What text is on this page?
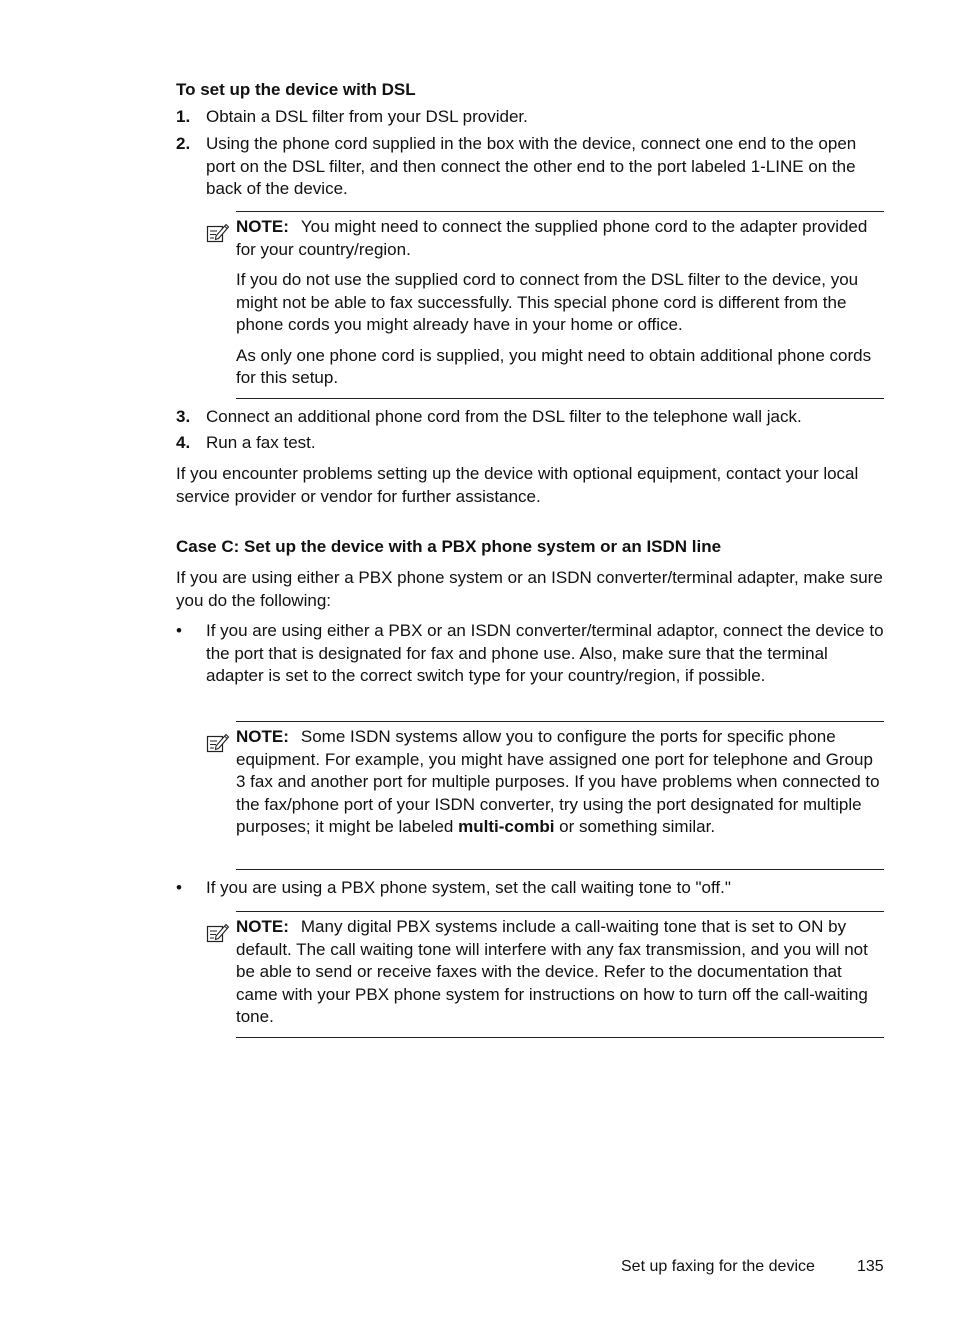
To set up the device with DSL
1. Obtain a DSL filter from your DSL provider.
2. Using the phone cord supplied in the box with the device, connect one end to the open port on the DSL filter, and then connect the other end to the port labeled 1-LINE on the back of the device.

NOTE: You might need to connect the supplied phone cord to the adapter provided for your country/region.

If you do not use the supplied cord to connect from the DSL filter to the device, you might not be able to fax successfully. This special phone cord is different from the phone cords you might already have in your home or office.

As only one phone cord is supplied, you might need to obtain additional phone cords for this setup.

3. Connect an additional phone cord from the DSL filter to the telephone wall jack.
4. Run a fax test.

If you encounter problems setting up the device with optional equipment, contact your local service provider or vendor for further assistance.

Case C: Set up the device with a PBX phone system or an ISDN line

If you are using either a PBX phone system or an ISDN converter/terminal adapter, make sure you do the following:

• If you are using either a PBX or an ISDN converter/terminal adaptor, connect the device to the port that is designated for fax and phone use. Also, make sure that the terminal adapter is set to the correct switch type for your country/region, if possible.

NOTE: Some ISDN systems allow you to configure the ports for specific phone equipment. For example, you might have assigned one port for telephone and Group 3 fax and another port for multiple purposes. If you have problems when connected to the fax/phone port of your ISDN converter, try using the port designated for multiple purposes; it might be labeled multi-combi or something similar.

• If you are using a PBX phone system, set the call waiting tone to "off."

NOTE: Many digital PBX systems include a call-waiting tone that is set to ON by default. The call waiting tone will interfere with any fax transmission, and you will not be able to send or receive faxes with the device. Refer to the documentation that came with your PBX phone system for instructions on how to turn off the call-waiting tone.

Set up faxing for the device	135
